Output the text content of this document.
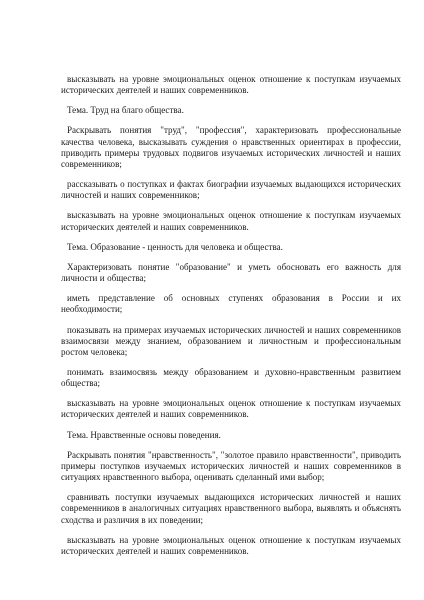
высказывать на уровне эмоциональных оценок отношение к поступкам изучаемых исторических деятелей и наших современников.

Тема. Труд на благо общества.

Раскрывать понятия "труд", "профессия", характеризовать профессиональные качества человека, высказывать суждения о нравственных ориентирах в профессии, приводить примеры трудовых подвигов изучаемых исторических личностей и наших современников;

рассказывать о поступках и фактах биографии изучаемых выдающихся исторических личностей и наших современников;

высказывать на уровне эмоциональных оценок отношение к поступкам изучаемых исторических деятелей и наших современников.

Тема. Образование - ценность для человека и общества.

Характеризовать понятие "образование" и уметь обосновать его важность для личности и общества;

иметь представление об основных ступенях образования в России и их необходимости;

показывать на примерах изучаемых исторических личностей и наших современников взаимосвязи между знанием, образованием и личностным и профессиональным ростом человека;

понимать взаимосвязь между образованием и духовно-нравственным развитием общества;

высказывать на уровне эмоциональных оценок отношение к поступкам изучаемых исторических деятелей и наших современников.

Тема. Нравственные основы поведения.

Раскрывать понятия "нравственность", "золотое правило нравственности", приводить примеры поступков изучаемых исторических личностей и наших современников в ситуациях нравственного выбора, оценивать сделанный ими выбор;

сравнивать поступки изучаемых выдающихся исторических личностей и наших современников в аналогичных ситуациях нравственного выбора, выявлять и объяснять сходства и различия в их поведении;

высказывать на уровне эмоциональных оценок отношение к поступкам изучаемых исторических деятелей и наших современников.
